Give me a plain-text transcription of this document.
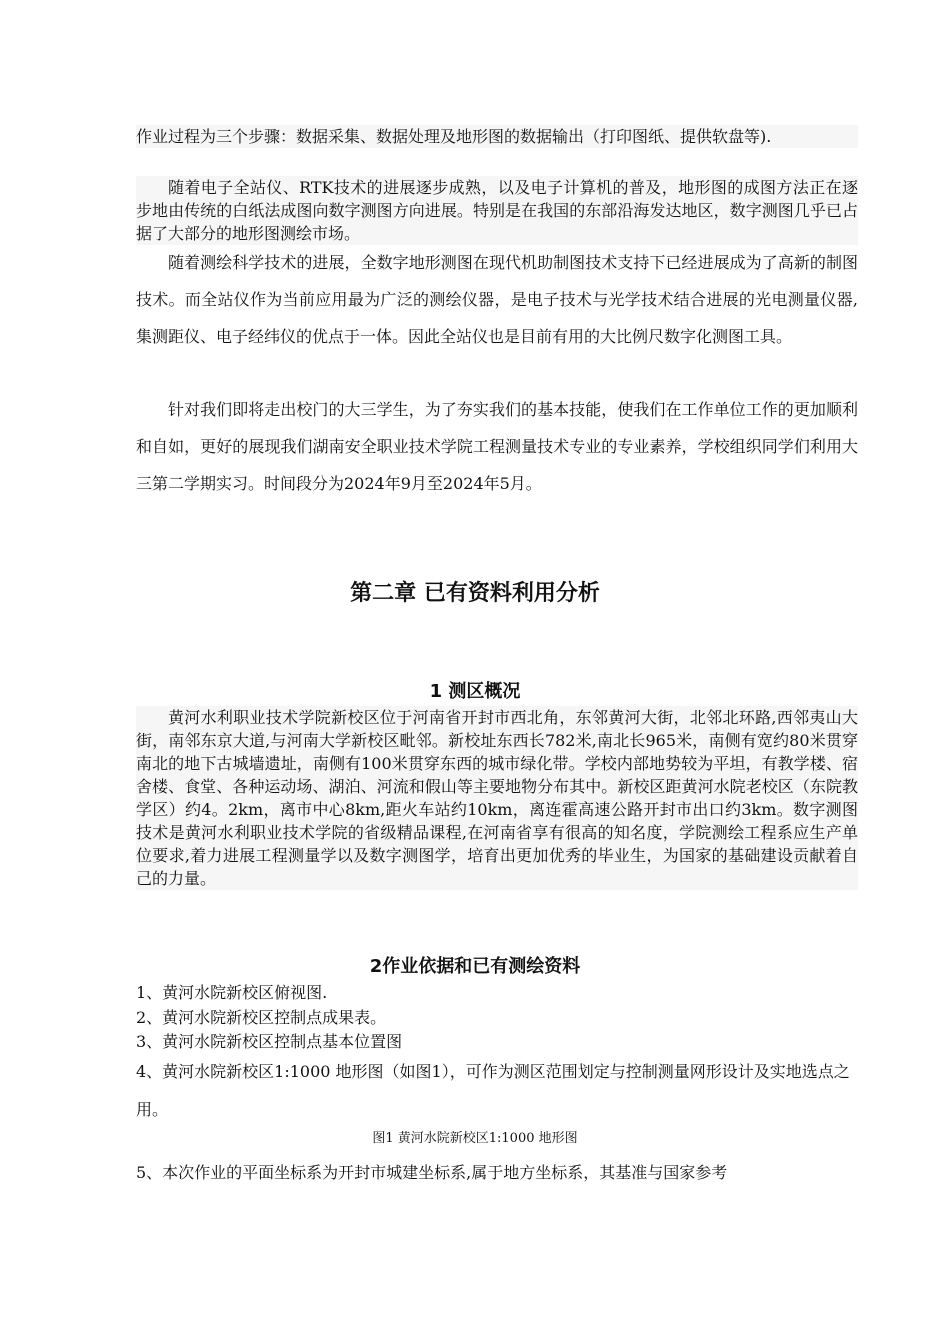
作业过程为三个步骤：数据采集、数据处理及地形图的数据输出（打印图纸、提供软盘等).

随着电子全站仪、RTK技术的进展逐步成熟，以及电子计算机的普及，地形图的成图方法正在逐步地由传统的白纸法成图向数字测图方向进展。特别是在我国的东部沿海发达地区，数字测图几乎已占据了大部分的地形图测绘市场。

随着测绘科学技术的进展，全数字地形测图在现代机助制图技术支持下已经进展成为了高新的制图技术。而全站仪作为当前应用最为广泛的测绘仪器，是电子技术与光学技术结合进展的光电测量仪器,集测距仪、电子经纬仪的优点于一体。因此全站仪也是目前有用的大比例尺数字化测图工具。

针对我们即将走出校门的大三学生，为了夯实我们的基本技能，使我们在工作单位工作的更加顺利和自如，更好的展现我们湖南安全职业技术学院工程测量技术专业的专业素养，学校组织同学们利用大三第二学期实习。时间段分为2024年9月至2024年5月。

第二章 已有资料利用分析
1 测区概况

黄河水利职业技术学院新校区位于河南省开封市西北角，东邻黄河大街，北邻北环路,西邻夷山大街，南邻东京大道,与河南大学新校区毗邻。新校址东西长782米,南北长965米，南侧有宽约80米贯穿南北的地下古城墙遗址，南侧有100米贯穿东西的城市绿化带。学校内部地势较为平坦，有教学楼、宿舍楼、食堂、各种运动场、湖泊、河流和假山等主要地物分布其中。新校区距黄河水院老校区（东院教学区）约4。2km，离市中心8km,距火车站约10km，离连霍高速公路开封市出口约3km。数字测图技术是黄河水利职业技术学院的省级精品课程,在河南省享有很高的知名度，学院测绘工程系应生产单位要求,着力进展工程测量学以及数字测图学，培育出更加优秀的毕业生，为国家的基础建设贡献着自己的力量。

2作业依据和已有测绘资料

1、黄河水院新校区俯视图.

2、黄河水院新校区控制点成果表。

3、黄河水院新校区控制点基本位置图

4、黄河水院新校区1:1000 地形图（如图1），可作为测区范围划定与控制测量网形设计及实地选点之用。

图1 黄河水院新校区1:1000 地形图

5、本次作业的平面坐标系为开封市城建坐标系,属于地方坐标系，其基准与国家参考
